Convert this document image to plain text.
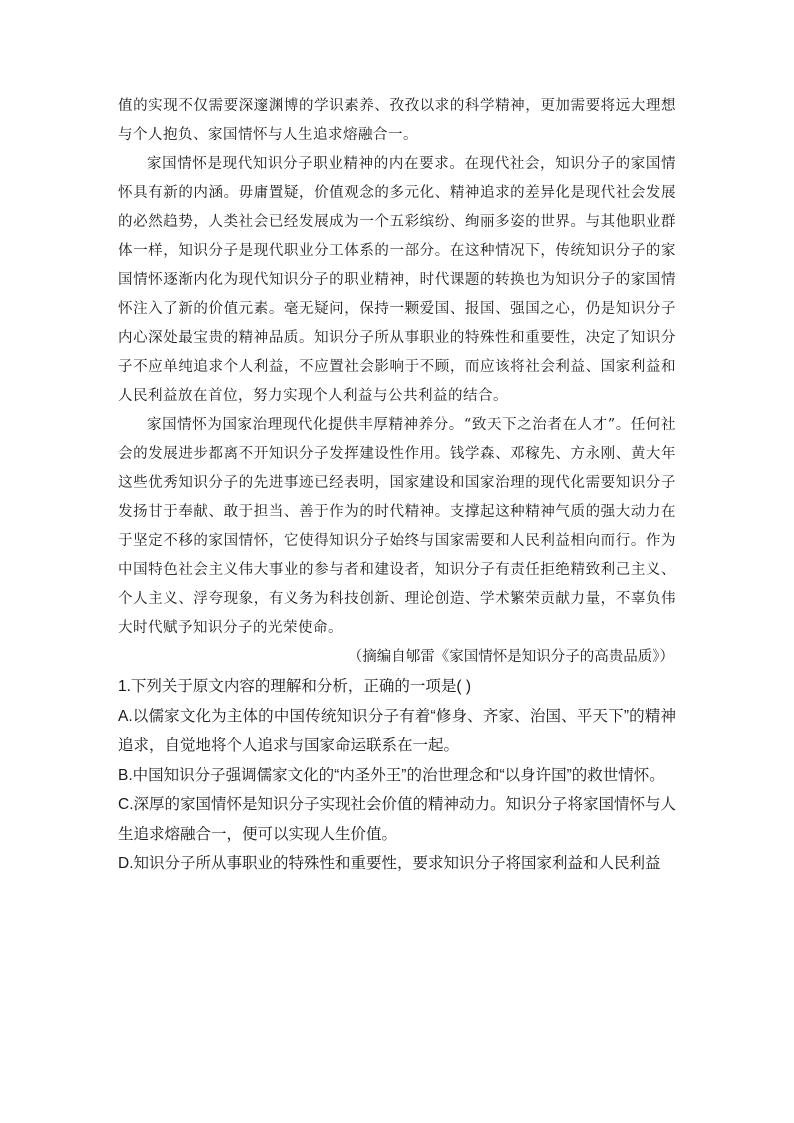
值的实现不仅需要深邃渊博的学识素养、孜孜以求的科学精神，更加需要将远大理想与个人抱负、家国情怀与人生追求熔融合一。

家国情怀是现代知识分子职业精神的内在要求。在现代社会，知识分子的家国情怀具有新的内涵。毋庸置疑，价值观念的多元化、精神追求的差异化是现代社会发展的必然趋势，人类社会已经发展成为一个五彩缤纷、绚丽多姿的世界。与其他职业群体一样，知识分子是现代职业分工体系的一部分。在这种情况下，传统知识分子的家国情怀逐渐内化为现代知识分子的职业精神，时代课题的转换也为知识分子的家国情怀注入了新的价值元素。毫无疑问，保持一颗爱国、报国、强国之心，仍是知识分子内心深处最宝贵的精神品质。知识分子所从事职业的特殊性和重要性，决定了知识分子不应单纯追求个人利益，不应置社会影响于不顾，而应该将社会利益、国家利益和人民利益放在首位，努力实现个人利益与公共利益的结合。

家国情怀为国家治理现代化提供丰厚精神养分。“致天下之治者在人才”。任何社会的发展进步都离不开知识分子发挥建设性作用。钱学森、邓稼先、方永刚、黄大年这些优秀知识分子的先进事迹已经表明，国家建设和国家治理的现代化需要知识分子发扬甘于奉献、敢于担当、善于作为的时代精神。支撑起这种精神气质的强大动力在于坚定不移的家国情怀，它使得知识分子始终与国家需要和人民利益相向而行。作为中国特色社会主义伟大事业的参与者和建设者，知识分子有责任拒绝精致利己主义、个人主义、浮夸现象，有义务为科技创新、理论创造、学术繁荣贡献力量，不辜负伟大时代赋予知识分子的光荣使命。

（摘编自郇雷《家国情怀是知识分子的高贵品质》）

1.下列关于原文内容的理解和分析，正确的一项是( )

A.以儒家文化为主体的中国传统知识分子有着“修身、齐家、治国、平天下”的精神追求，自觉地将个人追求与国家命运联系在一起。

B.中国知识分子强调儒家文化的“内圣外王”的治世理念和“以身许国”的救世情怀。

C.深厚的家国情怀是知识分子实现社会价值的精神动力。知识分子将家国情怀与人生追求熔融合一，便可以实现人生价值。

D.知识分子所从事职业的特殊性和重要性，要求知识分子将国家利益和人民利益
